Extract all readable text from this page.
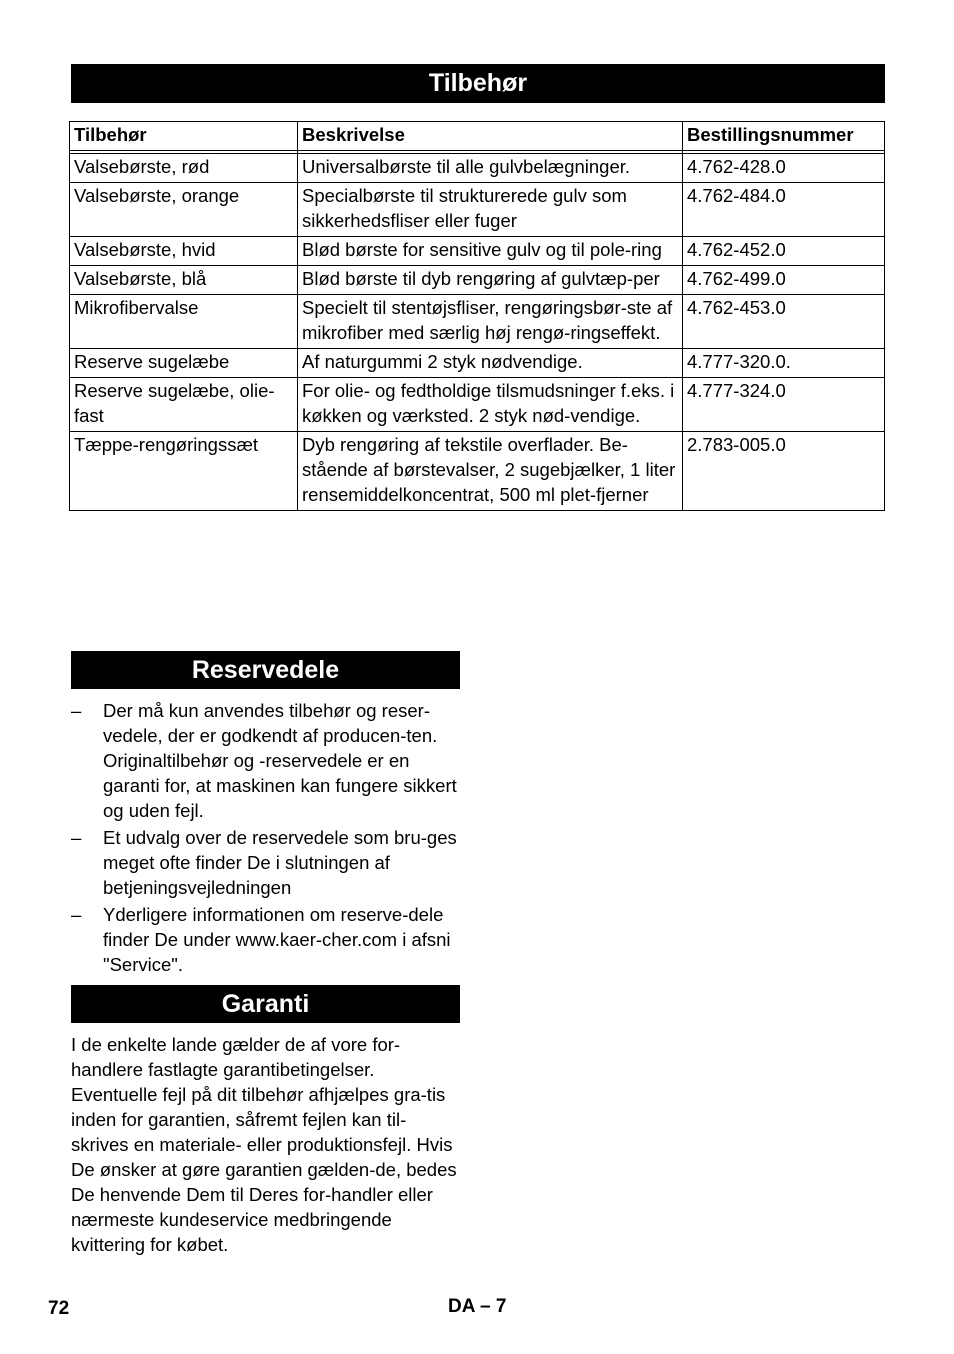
Tilbehør
Tilbehør	Beskrivelse	Bestillingsnummer

Valsebørste, rød	Universalbørste til alle gulvbelægninger.	4.762-428.0
Valsebørste, orange	Specialbørste til strukturerede gulv som sikkerhedsfliser eller fuger	4.762-484.0
Valsebørste, hvid	Blød børste for sensitive gulv og til pole-ring	4.762-452.0
Valsebørste, blå	Blød børste til dyb rengøring af gulvtæp-per	4.762-499.0
Mikrofibervalse	Specielt til stentøjsfliser, rengøringsbør-ste af mikrofiber med særlig høj rengø-ringseffekt.	4.762-453.0
Reserve sugelæbe	Af naturgummi 2 styk nødvendige.	4.777-320.0.
Reserve sugelæbe, olie-fast	For olie- og fedtholdige tilsmudsninger f.eks. i køkken og værksted. 2 styk nød-vendige.	4.777-324.0
Tæppe-rengøringssæt	Dyb rengøring af tekstile overflader. Be-stående af børstevalser, 2 sugebjælker, 1 liter rensemiddelkoncentrat, 500 ml plet-fjerner	2.783-005.0
Reservedele
– Der må kun anvendes tilbehør og reser-vedele, der er godkendt af producen-ten. Originaltilbehør og -reservedele er en garanti for, at maskinen kan fungere sikkert og uden fejl.
– Et udvalg over de reservedele som bru-ges meget ofte finder De i slutningen af betjeningsvejledningen
– Yderligere informationen om reserve-dele finder De under www.kaer-cher.com i afsni "Service".
Garanti
I de enkelte lande gælder de af vore for-handlere fastlagte garantibetingelser. Eventuelle fejl på dit tilbehør afhjælpes gra-tis inden for garantien, såfremt fejlen kan til-skrives en materiale- eller produktionsfejl. Hvis De ønsker at gøre garantien gælden-de, bedes De henvende Dem til Deres for-handler eller nærmeste kundeservice medbringende kvittering for købet.
72	DA – 7
